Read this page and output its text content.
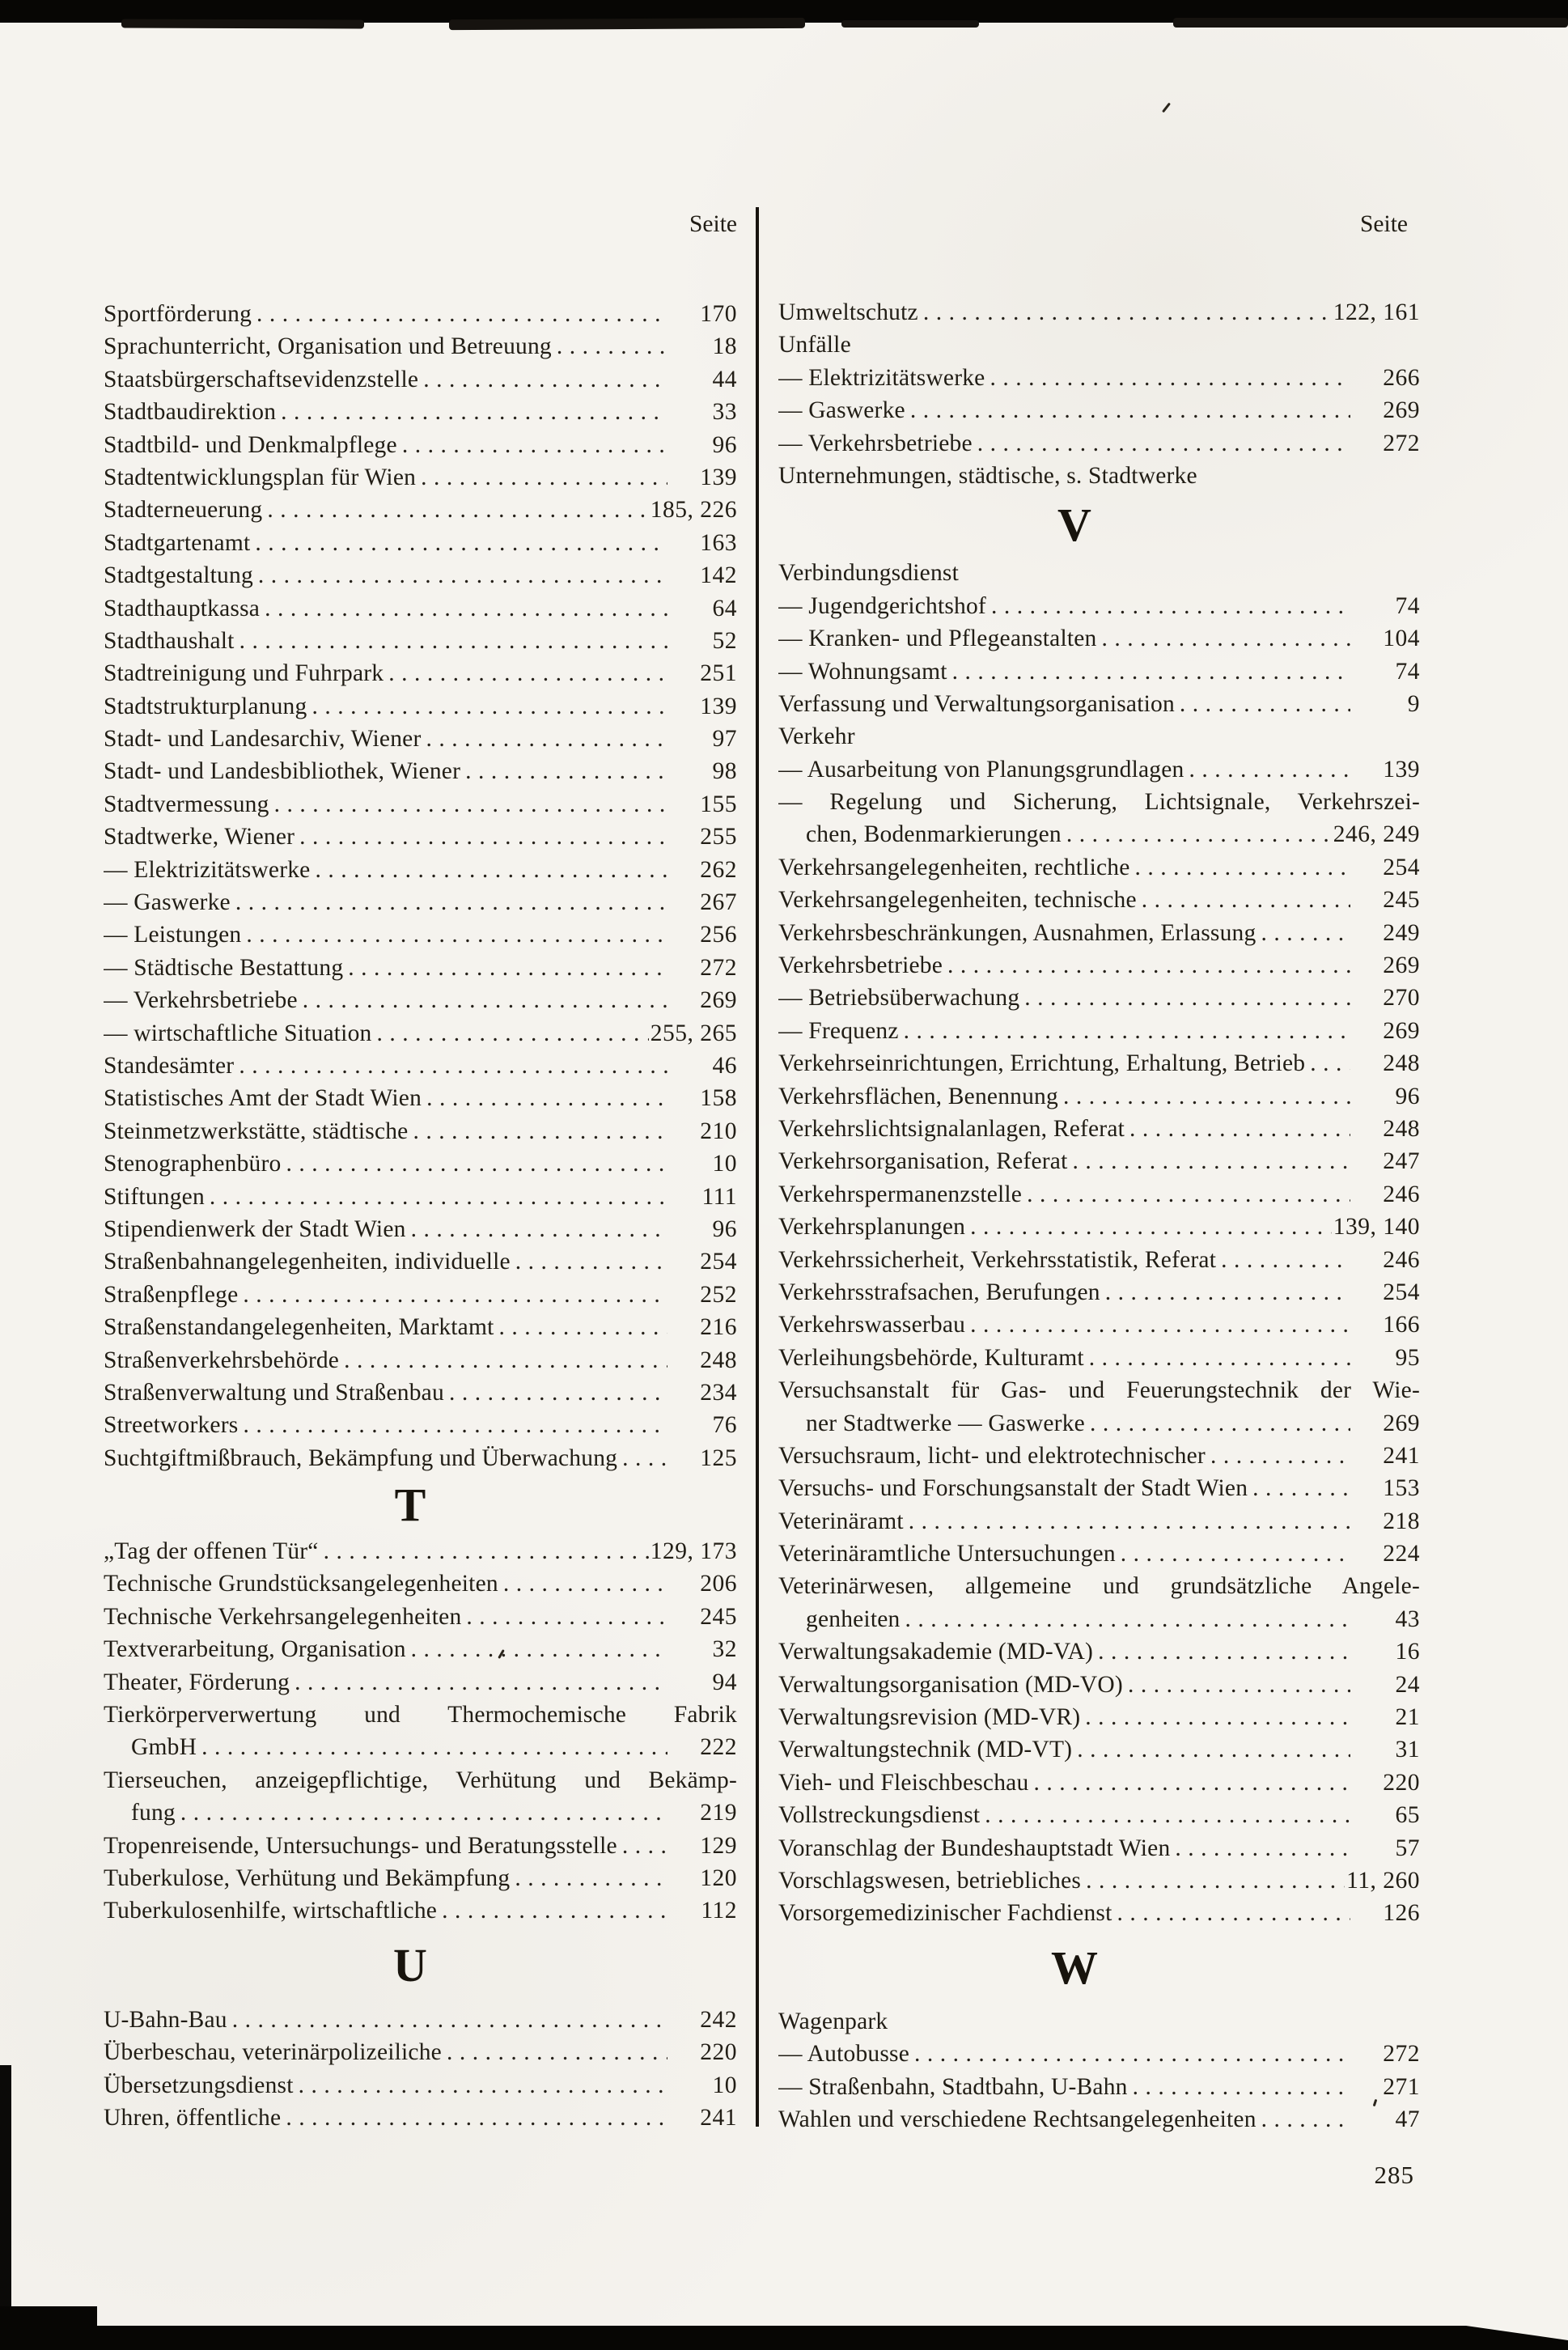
Seite	Seite
Sportförderung .....	170
Sprachunterricht, Organisation und Betreuung .....	18
Staatsbürgerschaftsevidenzstelle .....	44
Stadtbaudirektion .....	33
Stadtbild- und Denkmalpflege .....	96
Stadtentwicklungsplan für Wien .....	139
Stadterneuerung .....	185, 226
Stadtgartenamt .....	163
Stadtgestaltung .....	142
Stadthauptkassa .....	64
Stadthaushalt .....	52
Stadtreinigung und Fuhrpark .....	251
Stadtstrukturplanung .....	139
Stadt- und Landesarchiv, Wiener .....	97
Stadt- und Landesbibliothek, Wiener .....	98
Stadtvermessung .....	155
Stadtwerke, Wiener .....	255
— Elektrizitätswerke .....	262
— Gaswerke .....	267
— Leistungen .....	256
— Städtische Bestattung .....	272
— Verkehrsbetriebe .....	269
— wirtschaftliche Situation .....	255, 265
Standesämter .....	46
Statistisches Amt der Stadt Wien .....	158
Steinmetzwerkstätte, städtische .....	210
Stenographenbüro .....	10
Stiftungen .....	111
Stipendienwerk der Stadt Wien .....	96
Straßenbahnangelegenheiten, individuelle .....	254
Straßenpflege .....	252
Straßenstandangelegenheiten, Marktamt .....	216
Straßenverkehrsbehörde .....	248
Straßenverwaltung und Straßenbau .....	234
Streetworkers .....	76
Suchtgiftmißbrauch, Bekämpfung und Überwachung .....	125
T
„Tag der offenen Tür“ .....	129, 173
Technische Grundstücksangelegenheiten .....	206
Technische Verkehrsangelegenheiten .....	245
Textverarbeitung, Organisation .....	32
Theater, Förderung .....	94
Tierkörperverwertung und Thermochemische Fabrik
GmbH .....	222
Tierseuchen, anzeigepflichtige, Verhütung und Bekämp-
fung .....	219
Tropenreisende, Untersuchungs- und Beratungsstelle .....	129
Tuberkulose, Verhütung und Bekämpfung .....	120
Tuberkulosenhilfe, wirtschaftliche .....	112
U
U-Bahn-Bau .....	242
Überbeschau, veterinärpolizeiliche .....	220
Übersetzungsdienst .....	10
Uhren, öffentliche .....	241
Umweltschutz .....	122, 161
Unfälle
— Elektrizitätswerke .....	266
— Gaswerke .....	269
— Verkehrsbetriebe .....	272
Unternehmungen, städtische, s. Stadtwerke
V
Verbindungsdienst
— Jugendgerichtshof .....	74
— Kranken- und Pflegeanstalten .....	104
— Wohnungsamt .....	74
Verfassung und Verwaltungsorganisation .....	9
Verkehr
— Ausarbeitung von Planungsgrundlagen .....	139
— Regelung und Sicherung, Lichtsignale, Verkehrszei-
chen, Bodenmarkierungen .....	246, 249
Verkehrsangelegenheiten, rechtliche .....	254
Verkehrsangelegenheiten, technische .....	245
Verkehrsbeschränkungen, Ausnahmen, Erlassung .....	249
Verkehrsbetriebe .....	269
— Betriebsüberwachung .....	270
— Frequenz .....	269
Verkehrseinrichtungen, Errichtung, Erhaltung, Betrieb .....	248
Verkehrsflächen, Benennung .....	96
Verkehrslichtsignalanlagen, Referat .....	248
Verkehrsorganisation, Referat .....	247
Verkehrspermanenzstelle .....	246
Verkehrsplanungen .....	139, 140
Verkehrssicherheit, Verkehrsstatistik, Referat .....	246
Verkehrsstrafsachen, Berufungen .....	254
Verkehrswasserbau .....	166
Verleihungsbehörde, Kulturamt .....	95
Versuchsanstalt für Gas- und Feuerungstechnik der Wie-
ner Stadtwerke — Gaswerke .....	269
Versuchsraum, licht- und elektrotechnischer .....	241
Versuchs- und Forschungsanstalt der Stadt Wien .....	153
Veterinäramt .....	218
Veterinäramtliche Untersuchungen .....	224
Veterinärwesen, allgemeine und grundsätzliche Angele-
genheiten .....	43
Verwaltungsakademie (MD-VA) .....	16
Verwaltungsorganisation (MD-VO) .....	24
Verwaltungsrevision (MD-VR) .....	21
Verwaltungstechnik (MD-VT) .....	31
Vieh- und Fleischbeschau .....	220
Vollstreckungsdienst .....	65
Voranschlag der Bundeshauptstadt Wien .....	57
Vorschlagswesen, betriebliches .....	11, 260
Vorsorgemedizinischer Fachdienst .....	126
W
Wagenpark
— Autobusse .....	272
— Straßenbahn, Stadtbahn, U-Bahn .....	271
Wahlen und verschiedene Rechtsangelegenheiten .....	47
285
